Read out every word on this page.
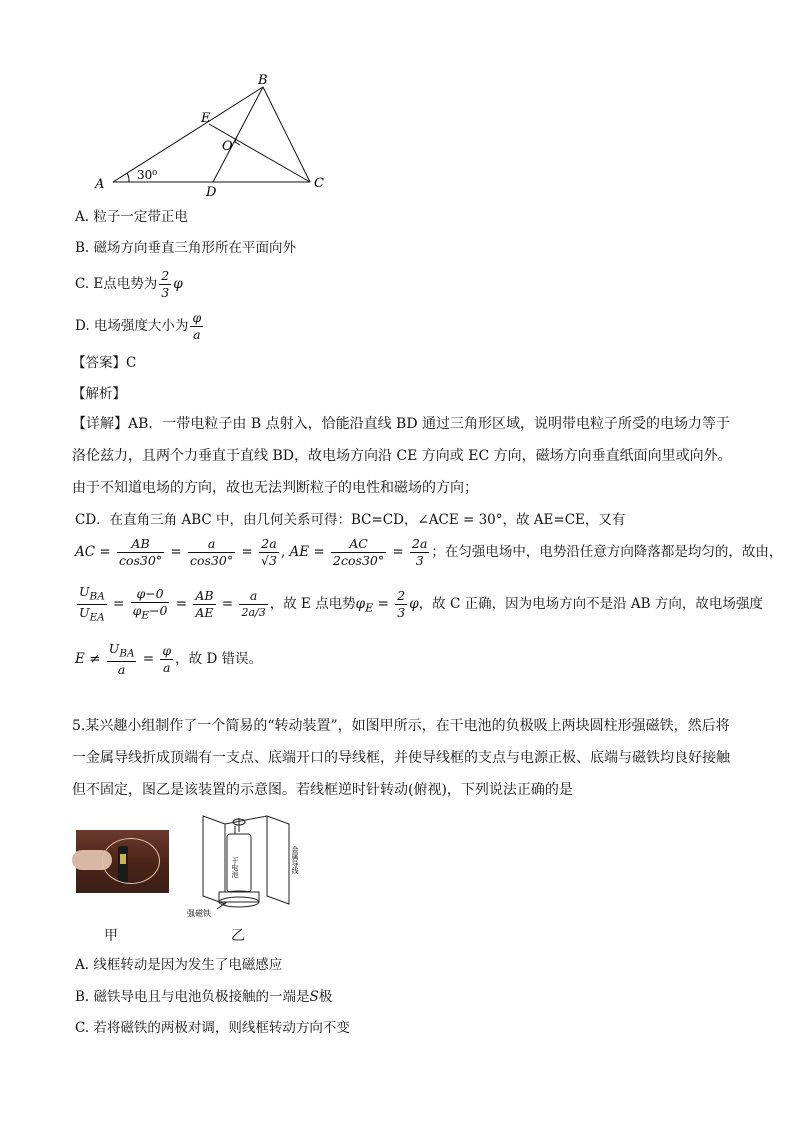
A
B
C
D
E
O
30⁰
A. 粒子一定带正电
B. 磁场方向垂直三角形所在平面向外
C. E点电势为 $\frac{2}{3}$ φ
D. 电场强度大小为 $\frac{\varphi}{a}$
【答案】C
【解析】
【详解】AB．一带电粒子由 B 点射入，恰能沿直线 BD 通过三角形区域，说明带电粒子所受的电场力等于洛伦兹力，且两个力垂直于直线 BD，故电场方向沿 CE 方向或 EC 方向，磁场方向垂直纸面向里或向外。由于不知道电场的方向，故也无法判断粒子的电性和磁场的方向；
CD．在直角三角 ABC 中，由几何关系可得：BC=CD，∠ACE = 30°，故 AE=CE，又有
AC = $\frac{AB}{\cos 30^\circ} = \frac{a}{\cos 30^\circ} = \frac{2a}{√3}$ , AE = $\frac{AC}{2\cos 30^\circ} = \frac{2a}{3}$ ；在匀强电场中，电势沿任意方向降落都是均匀的，故由，
$\frac{U_{BA}}{U_{EA}} = \frac{\varphi-0}{\varphi_E-0} = \frac{AB}{AE} = \frac{a}{2a/3}$ ，故 E 点电势$\varphi_E = \frac{2}{3}$ φ，故 C 正确，因为电场方向不是沿 AB 方向，故电场强度
$E \ne \frac{U_{BA}}{a} = \frac{\varphi}{a}$ ，故 D 错误。
5.某兴趣小组制作了一个简易的“转动装置”，如图甲所示，在干电池的负极吸上两块圆柱形强磁铁，然后将一金属导线折成顶端有一支点、底端开口的导线框，并使导线框的支点与电源正极、底端与磁铁均良好接触但不固定，图乙是该装置的示意图。若线框逆时针转动(俯视)，下列说法正确的是
甲
干电池	金属导线
强磁铁
乙
A. 线框转动是因为发生了电磁感应
B. 磁铁导电且与电池负极接触的一端是S极
C. 若将磁铁的两极对调，则线框转动方向不变
